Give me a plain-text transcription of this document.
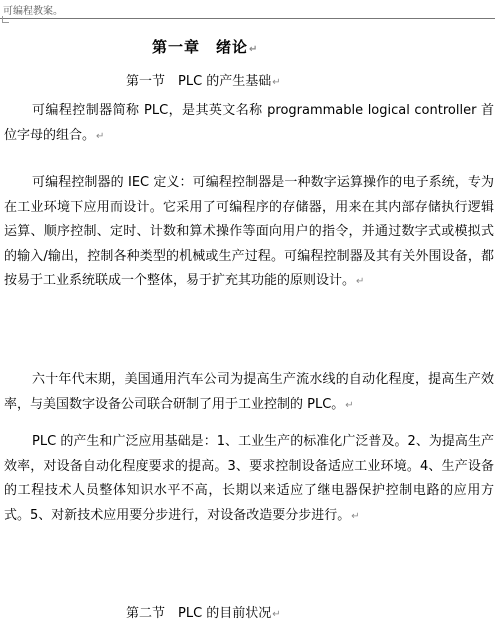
可编程教案。
第一章　绪论↵
第一节　PLC 的产生基础↵

可编程控制器简称 PLC，是其英文名称 programmable logical controller 首位字母的组合。↵

可编程控制器的 IEC 定义：可编程控制器是一种数字运算操作的电子系统，专为在工业环境下应用而设计。它采用了可编程序的存储器，用来在其内部存储执行逻辑运算、顺序控制、定时、计数和算术操作等面向用户的指令，并通过数字式或模拟式的输入/输出，控制各种类型的机械或生产过程。可编程控制器及其有关外围设备，都按易于工业系统联成一个整体，易于扩充其功能的原则设计。↵

六十年代末期，美国通用汽车公司为提高生产流水线的自动化程度，提高生产效率，与美国数字设备公司联合研制了用于工业控制的 PLC。↵

PLC 的产生和广泛应用基础是：1、工业生产的标准化广泛普及。2、为提高生产效率，对设备自动化程度要求的提高。3、要求控制设备适应工业环境。4、生产设备的工程技术人员整体知识水平不高，长期以来适应了继电器保护控制电路的应用方式。5、对新技术应用要分步进行，对设备改造要分步进行。↵

第二节　PLC 的目前状况↵
